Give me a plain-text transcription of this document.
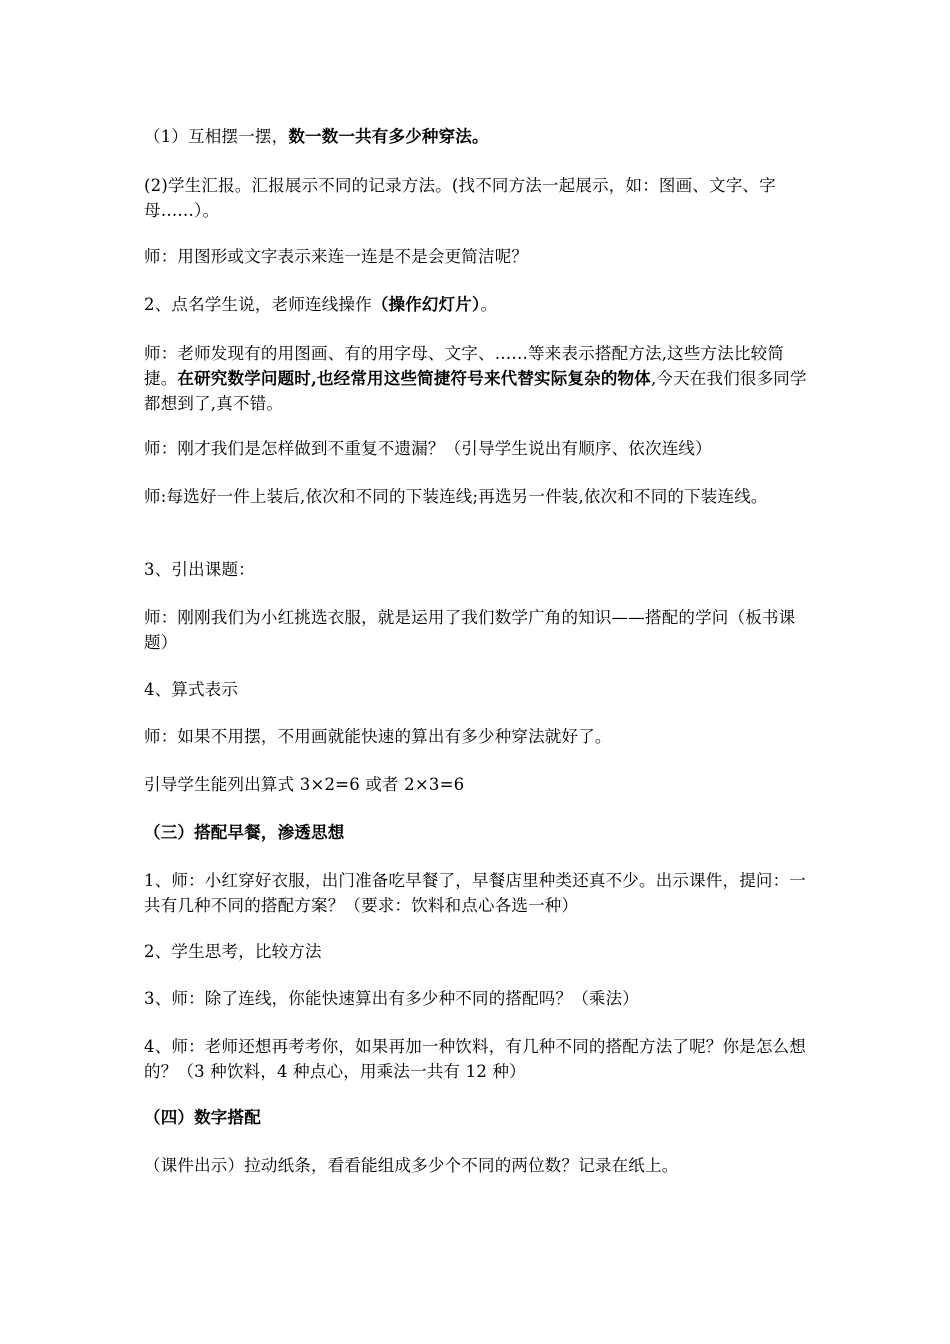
（1）互相摆一摆，数一数一共有多少种穿法。

(2)学生汇报。汇报展示不同的记录方法。(找不同方法一起展示，如：图画、文字、字母……）。

师：用图形或文字表示来连一连是不是会更简洁呢？

2、点名学生说，老师连线操作（操作幻灯片）。

师：老师发现有的用图画、有的用字母、文字、……等来表示搭配方法,这些方法比较简捷。在研究数学问题时,也经常用这些简捷符号来代替实际复杂的物体,今天在我们很多同学都想到了,真不错。

师：刚才我们是怎样做到不重复不遗漏？（引导学生说出有顺序、依次连线）

师:每选好一件上装后,依次和不同的下装连线;再选另一件装,依次和不同的下装连线。

3、引出课题：

师：刚刚我们为小红挑选衣服，就是运用了我们数学广角的知识——搭配的学问（板书课题）

4、算式表示

师：如果不用摆，不用画就能快速的算出有多少种穿法就好了。

引导学生能列出算式 3×2=6 或者 2×3=6

（三）搭配早餐，渗透思想

1、师：小红穿好衣服，出门准备吃早餐了，早餐店里种类还真不少。出示课件，提问：一共有几种不同的搭配方案？（要求：饮料和点心各选一种）

2、学生思考，比较方法

3、师：除了连线，你能快速算出有多少种不同的搭配吗？（乘法）

4、师：老师还想再考考你，如果再加一种饮料，有几种不同的搭配方法了呢？你是怎么想的？（3 种饮料，4 种点心，用乘法一共有 12 种）

（四）数字搭配

（课件出示）拉动纸条，看看能组成多少个不同的两位数？记录在纸上。
